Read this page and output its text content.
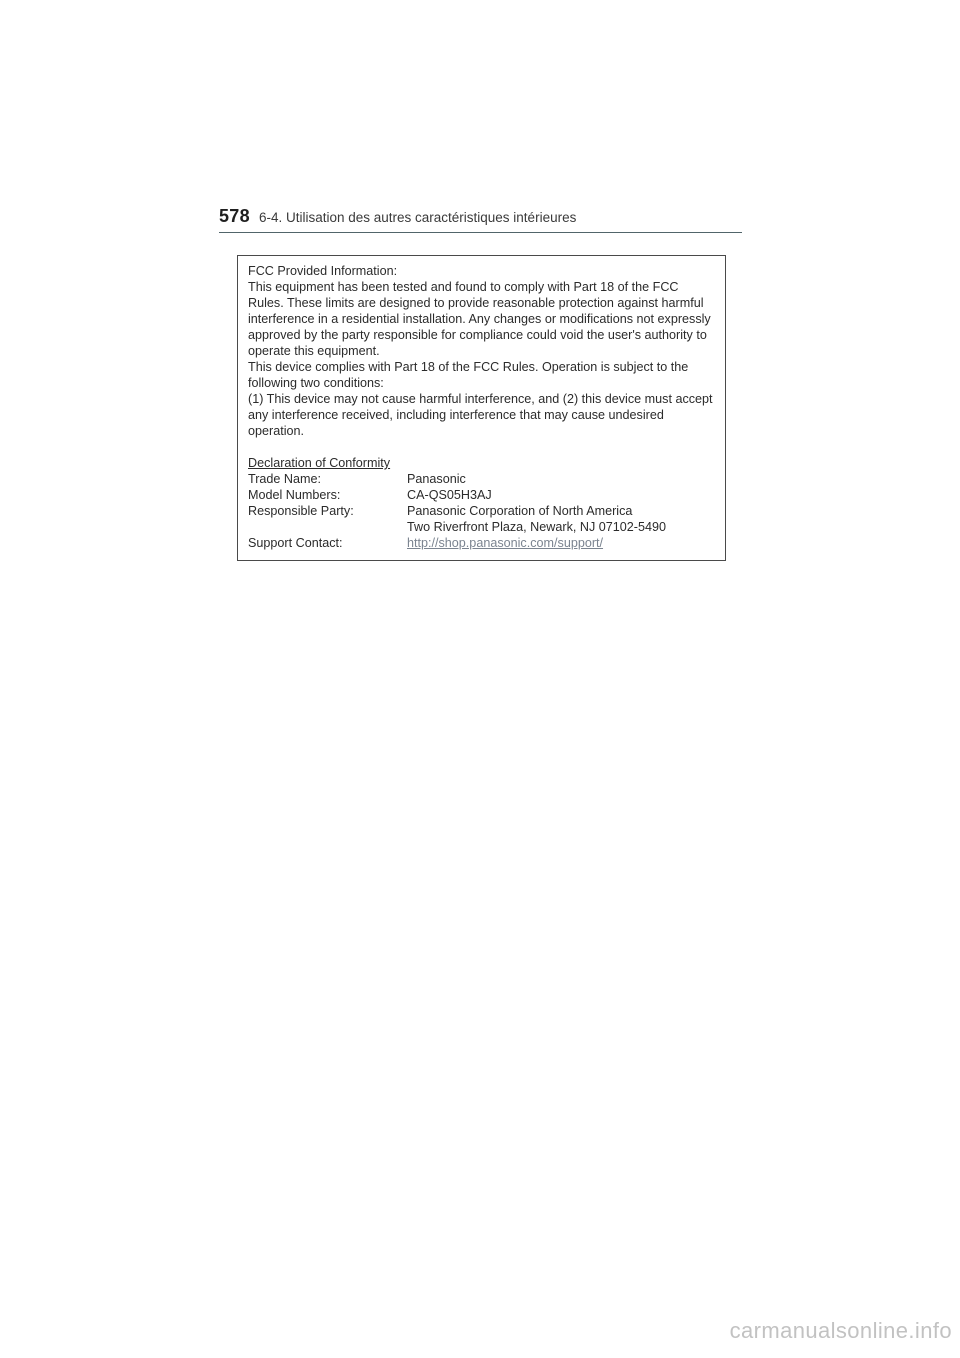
578 6-4. Utilisation des autres caractéristiques intérieures

FCC Provided Information:

This equipment has been tested and found to comply with Part 18 of the FCC Rules. These limits are designed to provide reasonable protection against harmful interference in a residential installation. Any changes or modifications not expressly approved by the party responsible for compliance could void the user's authority to operate this equipment.

This device complies with Part 18 of the FCC Rules. Operation is subject to the following two conditions:

(1) This device may not cause harmful interference, and (2) this device must accept any interference received, including interference that may cause undesired operation.

Declaration of Conformity

Trade Name:	Panasonic
Model Numbers:	CA-QS05H3AJ
Responsible Party:	Panasonic Corporation of North America
Two Riverfront Plaza, Newark, NJ 07102-5490
Support Contact:	http://shop.panasonic.com/support/
carmanualsonline.info
